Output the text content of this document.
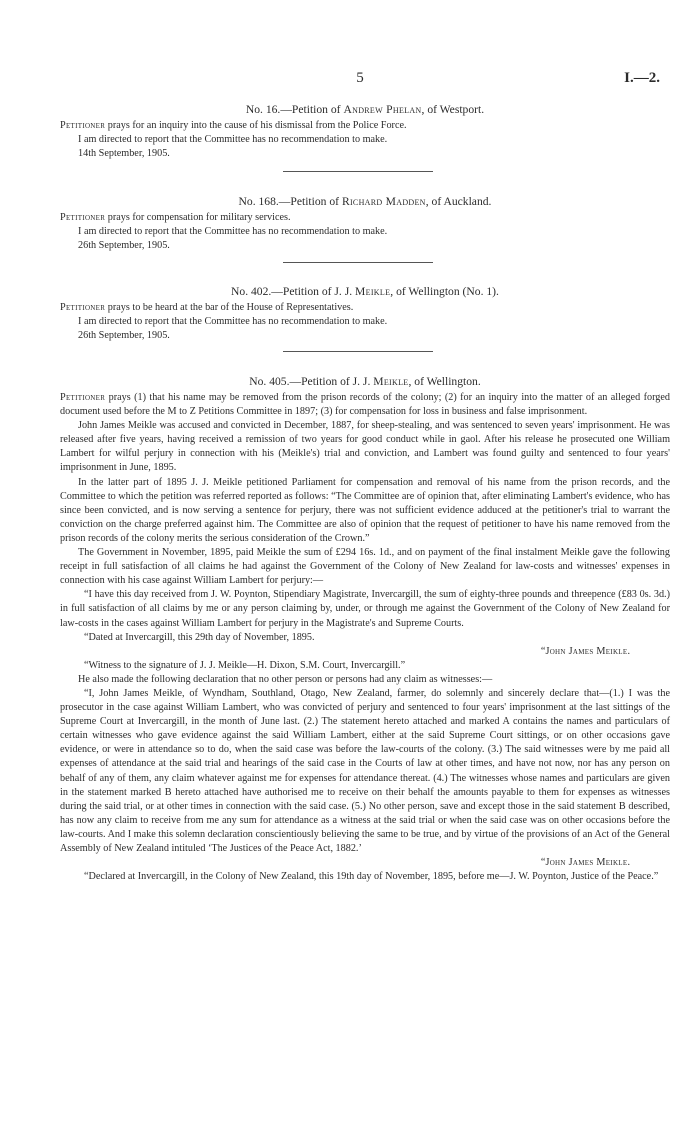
5	I.—2.

No. 16.—Petition of Andrew Phelan, of Westport.

Petitioner prays for an inquiry into the cause of his dismissal from the Police Force.

I am directed to report that the Committee has no recommendation to make.

14th September, 1905.

No. 168.—Petition of Richard Madden, of Auckland.

Petitioner prays for compensation for military services.

I am directed to report that the Committee has no recommendation to make.

26th September, 1905.

No. 402.—Petition of J. J. Meikle, of Wellington (No. 1).

Petitioner prays to be heard at the bar of the House of Representatives.

I am directed to report that the Committee has no recommendation to make.

26th September, 1905.

No. 405.—Petition of J. J. Meikle, of Wellington.

Petitioner prays (1) that his name may be removed from the prison records of the colony; (2) for an inquiry into the matter of an alleged forged document used before the M to Z Petitions Committee in 1897; (3) for compensation for loss in business and false imprisonment.

John James Meikle was accused and convicted in December, 1887, for sheep-stealing, and was sentenced to seven years' imprisonment. He was released after five years, having received a remission of two years for good conduct while in gaol. After his release he prosecuted one William Lambert for wilful perjury in connection with his (Meikle's) trial and conviction, and Lambert was found guilty and sentenced to four years' imprisonment in June, 1895.

In the latter part of 1895 J. J. Meikle petitioned Parliament for compensation and removal of his name from the prison records, and the Committee to which the petition was referred reported as follows: “The Committee are of opinion that, after eliminating Lambert's evidence, who has since been convicted, and is now serving a sentence for perjury, there was not sufficient evidence adduced at the petitioner's trial to warrant the conviction on the charge preferred against him. The Committee are also of opinion that the request of petitioner to have his name removed from the prison records of the colony merits the serious consideration of the Crown.”

The Government in November, 1895, paid Meikle the sum of £294 16s. 1d., and on payment of the final instalment Meikle gave the following receipt in full satisfaction of all claims he had against the Government of the Colony of New Zealand for law-costs and witnesses' expenses in connection with his case against William Lambert for perjury:—

“I have this day received from J. W. Poynton, Stipendiary Magistrate, Invercargill, the sum of eighty-three pounds and threepence (£83 0s. 3d.) in full satisfaction of all claims by me or any person claiming by, under, or through me against the Government of the Colony of New Zealand for law-costs in the cases against William Lambert for perjury in the Magistrate's and Supreme Courts.

“Dated at Invercargill, this 29th day of November, 1895.

“John James Meikle.

“Witness to the signature of J. J. Meikle—H. Dixon, S.M. Court, Invercargill.”

He also made the following declaration that no other person or persons had any claim as witnesses:—

“I, John James Meikle, of Wyndham, Southland, Otago, New Zealand, farmer, do solemnly and sincerely declare that—(1.) I was the prosecutor in the case against William Lambert, who was convicted of perjury and sentenced to four years' imprisonment at the last sittings of the Supreme Court at Invercargill, in the month of June last. (2.) The statement hereto attached and marked A contains the names and particulars of certain witnesses who gave evidence against the said William Lambert, either at the said Supreme Court sittings, or on other occasions gave evidence, or were in attendance so to do, when the said case was before the law-courts of the colony. (3.) The said witnesses were by me paid all expenses of attendance at the said trial and hearings of the said case in the Courts of law at other times, and have not now, nor has any person on behalf of any of them, any claim whatever against me for expenses for attendance thereat. (4.) The witnesses whose names and particulars are given in the statement marked B hereto attached have authorised me to receive on their behalf the amounts payable to them for expenses as witnesses during the said trial, or at other times in connection with the said case. (5.) No other person, save and except those in the said statement B described, has now any claim to receive from me any sum for attendance as a witness at the said trial or when the said case was on other occasions before the law-courts. And I make this solemn declaration conscientiously believing the same to be true, and by virtue of the provisions of an Act of the General Assembly of New Zealand intituled ‘The Justices of the Peace Act, 1882.’

“John James Meikle.

“Declared at Invercargill, in the Colony of New Zealand, this 19th day of November, 1895, before me—J. W. Poynton, Justice of the Peace.”
